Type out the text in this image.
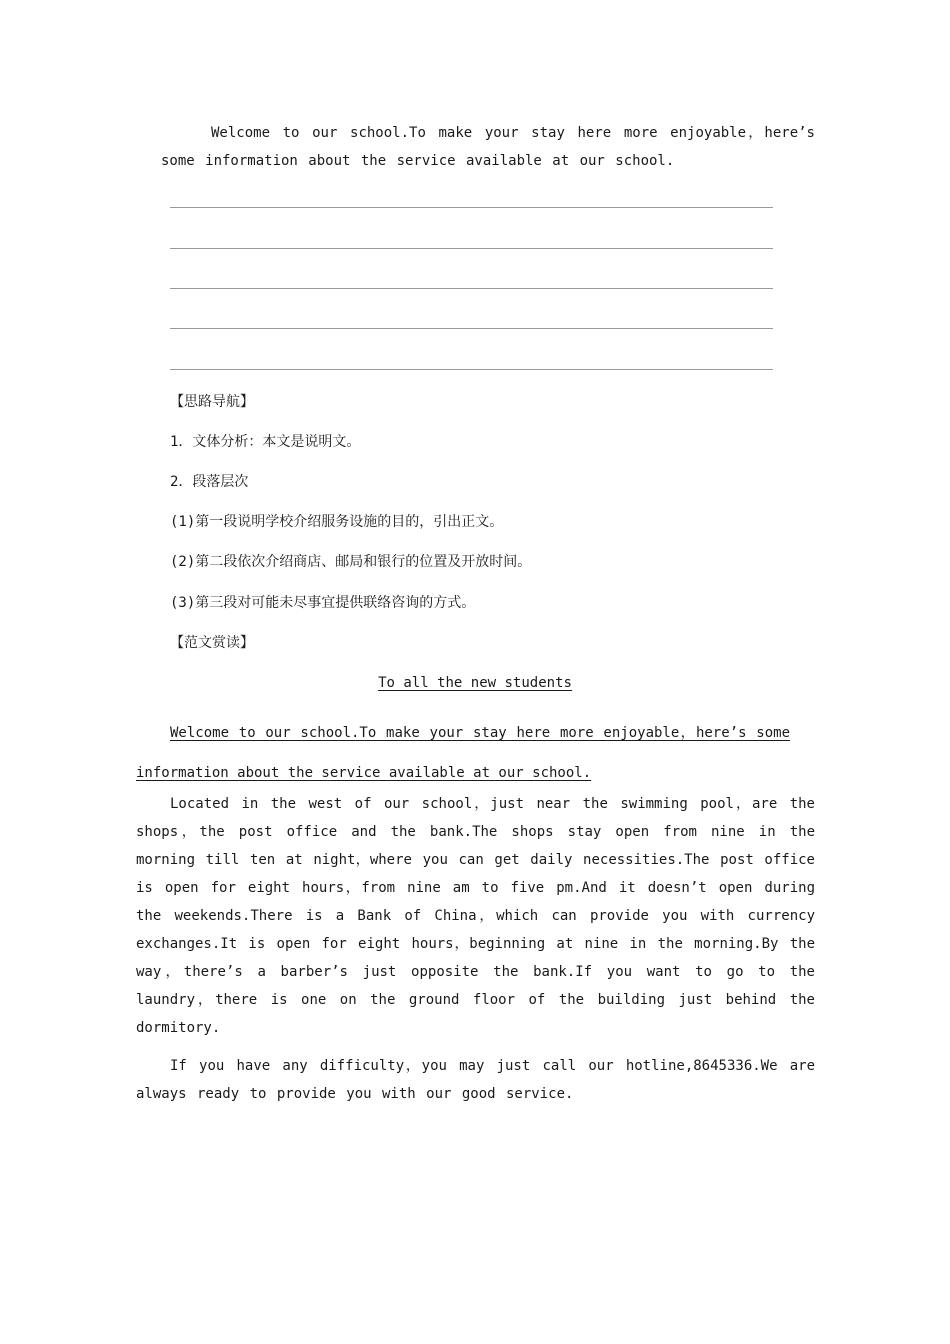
Welcome to our school.To make your stay here more enjoyable，here’s some information about the service available at our school.
【思路导航】
1．文体分析：本文是说明文。
2．段落层次
(1)第一段说明学校介绍服务设施的目的，引出正文。
(2)第二段依次介绍商店、邮局和银行的位置及开放时间。
(3)第三段对可能未尽事宜提供联络咨询的方式。
【范文赏读】
To all the new students
Welcome to our school.To make your stay here more enjoyable，here’s some information about the service available at our school.
Located in the west of our school，just near the swimming pool，are the shops，the post office and the bank.The shops stay open from nine in the morning till ten at night，where you can get daily necessities.The post office is open for eight hours，from nine am to five pm.And it doesn’t open during the weekends.There is a Bank of China，which can provide you with currency exchanges.It is open for eight hours，beginning at nine in the morning.By the way，there’s a barber’s just opposite the bank.If you want to go to the laundry，there is one on the ground floor of the building just behind the dormitory.
If you have any difficulty，you may just call our hotline,8645336.We are always ready to provide you with our good service.
